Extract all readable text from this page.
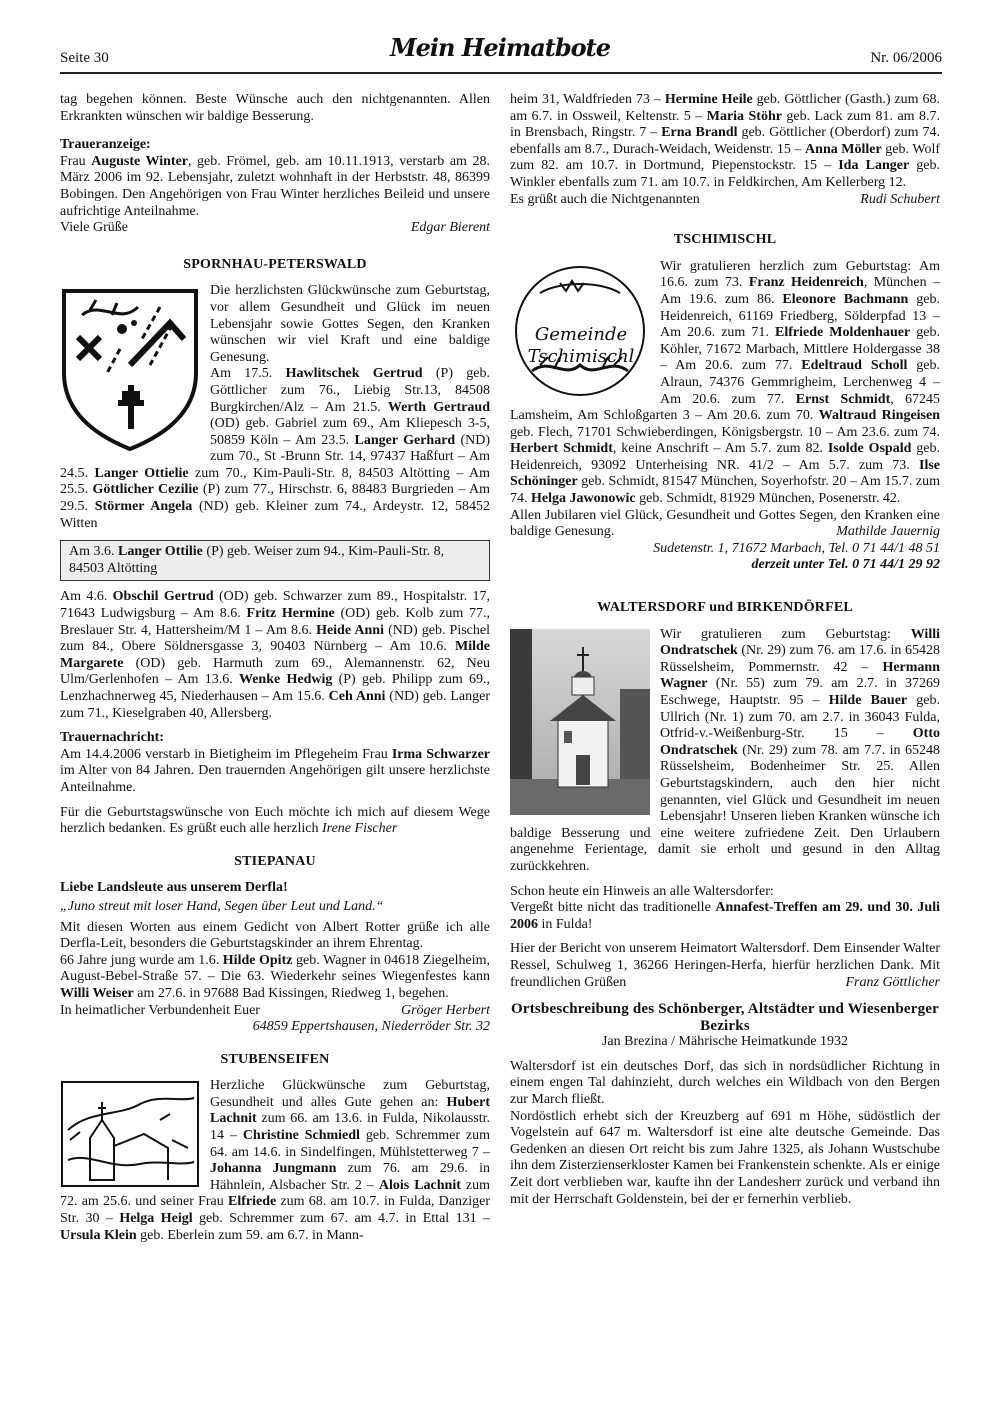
Seite 30	Mein Heimatbote	Nr. 06/2006

tag begehen können. Beste Wünsche auch den nichtgenannten. Allen Erkrankten wünschen wir baldige Besserung.

Traueranzeige:

Frau Auguste Winter, geb. Frömel, geb. am 10.11.1913, verstarb am 28. März 2006 im 92. Lebensjahr, zuletzt wohnhaft in der Herbststr. 48, 86399 Bobingen. Den Angehörigen von Frau Winter herzliches Beileid und unsere aufrichtige Anteilnahme.

Viele Grüße	Edgar Bierent
SPORNHAU-PETERSWALD

Die herzlichsten Glückwünsche zum Geburtstag, vor allem Gesundheit und Glück im neuen Lebensjahr sowie Gottes Segen, den Kranken wünschen wir viel Kraft und eine baldige Genesung.
Am 17.5. Hawlitschek Gertrud (P) geb. Göttlicher zum 76., Liebig Str.13, 84508 Burgkirchen/Alz – Am 21.5. Werth Gertraud (OD) geb. Gabriel zum 69., Am Kliepesch 3-5, 50859 Köln – Am 23.5. Langer Gerhard (ND) zum 70., St -Brunn Str. 14, 97437 Haßfurt – Am 24.5. Langer Ottielie zum 70., Kim-Pauli-Str. 8, 84503 Altötting – Am 25.5. Göttlicher Cezilie (P) zum 77., Hirschstr. 6, 88483 Burgrieden – Am 29.5. Störmer Angela (ND) geb. Kleiner zum 74., Ardeystr. 12, 58452 Witten

Am 3.6. Langer Ottilie (P) geb. Weiser zum 94., Kim-Pauli-Str. 8, 84503 Altötting

Am 4.6. Obschil Gertrud (OD) geb. Schwarzer zum 89., Hospitalstr. 17, 71643 Ludwigsburg – Am 8.6. Fritz Hermine (OD) geb. Kolb zum 77., Breslauer Str. 4, Hattersheim/M 1 – Am 8.6. Heide Anni (ND) geb. Pischel zum 84., Obere Söldnersgasse 3, 90403 Nürnberg – Am 10.6. Milde Margarete (OD) geb. Harmuth zum 69., Alemannenstr. 62, Neu Ulm/Gerlenhofen – Am 13.6. Wenke Hedwig (P) geb. Philipp zum 69., Lenzhachnerweg 45, Niederhausen – Am 15.6. Ceh Anni (ND) geb. Langer zum 71., Kieselgraben 40, Allersberg.

Trauernachricht:

Am 14.4.2006 verstarb in Bietigheim im Pflegeheim Frau Irma Schwarzer im Alter von 84 Jahren. Den trauernden Angehörigen gilt unsere herzlichste Anteilnahme.

Für die Geburtstagswünsche von Euch möchte ich mich auf diesem Wege herzlich bedanken. Es grüßt euch alle herzlich Irene Fischer

STIEPANAU
Liebe Landsleute aus unserem Derfla!

„Juno streut mit loser Hand, Segen über Leut und Land.“

Mit diesen Worten aus einem Gedicht von Albert Rotter grüße ich alle Derfla-Leit, besonders die Geburtstagskinder an ihrem Ehrentag.

66 Jahre jung wurde am 1.6. Hilde Opitz geb. Wagner in 04618 Ziegelheim, August-Bebel-Straße 57. – Die 63. Wiederkehr seines Wiegenfestes kann Willi Weiser am 27.6. in 97688 Bad Kissingen, Riedweg 1, begehen.

In heimatlicher Verbundenheit Euer	Gröger Herbert
64859 Eppertshausen, Niederröder Str. 32
STUBENSEIFEN

Herzliche Glückwünsche zum Geburtstag, Gesundheit und alles Gute gehen an: Hubert Lachnit zum 66. am 13.6. in Fulda, Nikolausstr. 14 – Christine Schmiedl geb. Schremmer zum 64. am 14.6. in Sindelfingen, Mühlstetterweg 7 – Johanna Jungmann zum 76. am 29.6. in Hähnlein, Alsbacher Str. 2 – Alois Lachnit zum 72. am 25.6. und seiner Frau Elfriede zum 68. am 10.7. in Fulda, Danziger Str. 30 – Helga Heigl geb. Schremmer zum 67. am 4.7. in Ettal 131 – Ursula Klein geb. Eberlein zum 59. am 6.7. in Mann-

heim 31, Waldfrieden 73 – Hermine Heile geb. Göttlicher (Gasth.) zum 68. am 6.7. in Ossweil, Keltenstr. 5 – Maria Stöhr geb. Lack zum 81. am 8.7. in Brensbach, Ringstr. 7 – Erna Brandl geb. Göttlicher (Oberdorf) zum 74. ebenfalls am 8.7., Durach-Weidach, Weidenstr. 15 – Anna Möller geb. Wolf zum 82. am 10.7. in Dortmund, Piepenstockstr. 15 – Ida Langer geb. Winkler ebenfalls zum 71. am 10.7. in Feldkirchen, Am Kellerberg 12.

Es grüßt auch die Nichtgenannten	Rudi Schubert
TSCHIMISCHL
Gemeinde Tschimischl

Wir gratulieren herzlich zum Geburtstag: Am 16.6. zum 73. Franz Heidenreich, München – Am 19.6. zum 86. Eleonore Bachmann geb. Heidenreich, 61169 Friedberg, Sölderpfad 13 – Am 20.6. zum 71. Elfriede Moldenhauer geb. Köhler, 71672 Marbach, Mittlere Holdergasse 38 – Am 20.6. zum 77. Edeltraud Scholl geb. Alraun, 74376 Gemmrigheim, Lerchenweg 4 – Am 20.6. zum 77. Ernst Schmidt, 67245 Lamsheim, Am Schloßgarten 3 – Am 20.6. zum 70. Waltraud Ringeisen geb. Flech, 71701 Schwieberdingen, Königsbergstr. 10 – Am 23.6. zum 74. Herbert Schmidt, keine Anschrift – Am 5.7. zum 82. Isolde Ospald geb. Heidenreich, 93092 Unterheising NR. 41/2 – Am 5.7. zum 73. Ilse Schöninger geb. Schmidt, 81547 München, Soyerhofstr. 20 – Am 15.7. zum 74. Helga Jawonowic geb. Schmidt, 81929 München, Posenerstr. 42.

Allen Jubilaren viel Glück, Gesundheit und Gottes Segen, den Kranken eine baldige Genesung.	Mathilde Jauernig

Sudetenstr. 1, 71672 Marbach, Tel. 0 71 44/1 48 51
derzeit unter Tel. 0 71 44/1 29 92
WALTERSDORF und BIRKENDÖRFEL

Wir gratulieren zum Geburtstag: Willi Ondratschek (Nr. 29) zum 76. am 17.6. in 65428 Rüsselsheim, Pommernstr. 42 – Hermann Wagner (Nr. 55) zum 79. am 2.7. in 37269 Eschwege, Hauptstr. 95 – Hilde Bauer geb. Ullrich (Nr. 1) zum 70. am 2.7. in 36043 Fulda, Otfrid-v.-Weißenburg-Str. 15 – Otto Ondratschek (Nr. 29) zum 78. am 7.7. in 65248 Rüsselsheim, Bodenheimer Str. 25. Allen Geburtstagskindern, auch den hier nicht genannten, viel Glück und Gesundheit im neuen Lebensjahr! Unseren lieben Kranken wünsche ich baldige Besserung und eine weitere zufriedene Zeit. Den Urlaubern angenehme Ferientage, damit sie erholt und gesund in den Alltag zurückkehren.

Schon heute ein Hinweis an alle Waltersdorfer:
Vergeßt bitte nicht das traditionelle Annafest-Treffen am 29. und 30. Juli 2006 in Fulda!

Hier der Bericht von unserem Heimatort Waltersdorf. Dem Einsender Walter Ressel, Schulweg 1, 36266 Heringen-Herfa, hierfür herzlichen Dank. Mit freundlichen Grüßen	Franz Göttlicher

Ortsbeschreibung des Schönberger, Altstädter und Wiesenberger Bezirks
Jan Brezina / Mährische Heimatkunde 1932

Waltersdorf ist ein deutsches Dorf, das sich in nordsüdlicher Richtung in einem engen Tal dahinzieht, durch welches ein Wildbach von den Bergen zur March fließt.

Nordöstlich erhebt sich der Kreuzberg auf 691 m Höhe, südöstlich der Vogelstein auf 647 m. Waltersdorf ist eine alte deutsche Gemeinde. Das Gedenken an diesen Ort reicht bis zum Jahre 1325, als Johann Wustschube ihn dem Zisterzienserkloster Kamen bei Frankenstein schenkte. Als er einige Zeit dort verblieben war, kaufte ihn der Landesherr zurück und verband ihn mit der Herrschaft Goldenstein, bei der er fernerhin verblieb.
